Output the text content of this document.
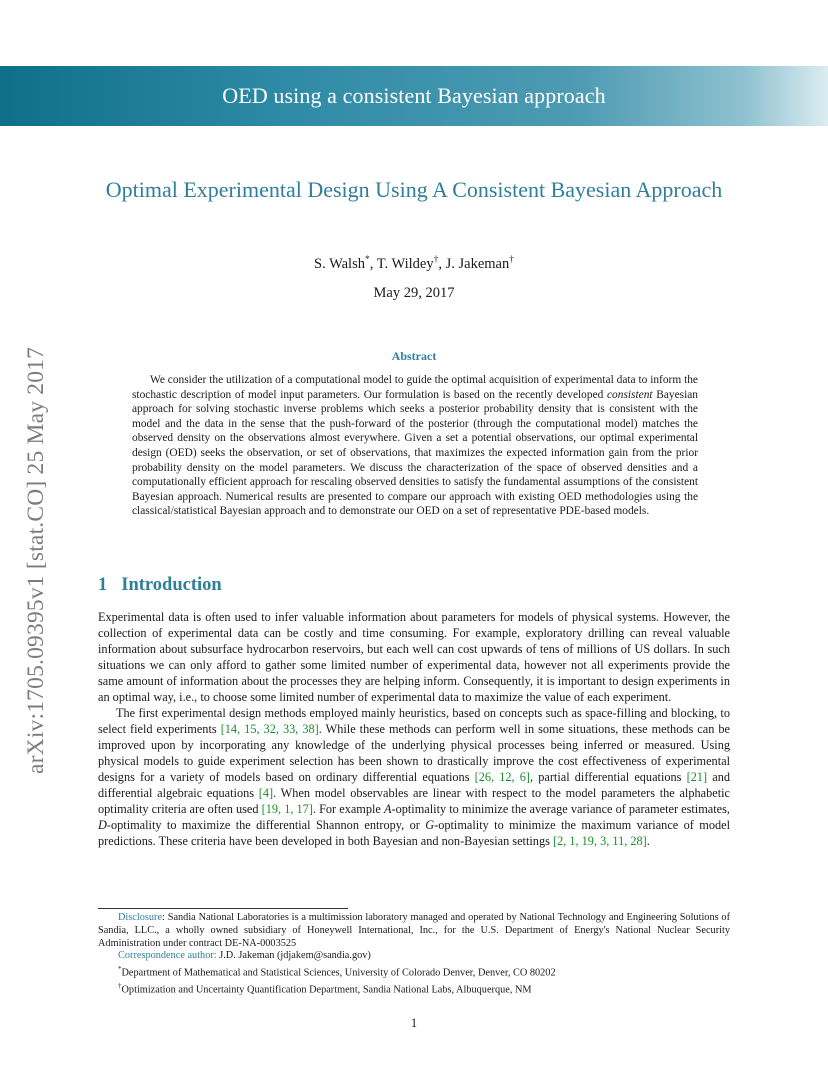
OED using a consistent Bayesian approach
arXiv:1705.09395v1 [stat.CO] 25 May 2017
Optimal Experimental Design Using A Consistent Bayesian Approach
S. Walsh*, T. Wildey†, J. Jakeman†
May 29, 2017
Abstract

We consider the utilization of a computational model to guide the optimal acquisition of experimental data to inform the stochastic description of model input parameters. Our formulation is based on the recently developed consistent Bayesian approach for solving stochastic inverse problems which seeks a posterior probability density that is consistent with the model and the data in the sense that the push-forward of the posterior (through the computational model) matches the observed density on the observations almost everywhere. Given a set a potential observations, our optimal experimental design (OED) seeks the observation, or set of observations, that maximizes the expected information gain from the prior probability density on the model parameters. We discuss the characterization of the space of observed densities and a computationally efficient approach for rescaling observed densities to satisfy the fundamental assumptions of the consistent Bayesian approach. Numerical results are presented to compare our approach with existing OED methodologies using the classical/statistical Bayesian approach and to demonstrate our OED on a set of representative PDE-based models.

1 Introduction

Experimental data is often used to infer valuable information about parameters for models of physical systems. However, the collection of experimental data can be costly and time consuming. For example, exploratory drilling can reveal valuable information about subsurface hydrocarbon reservoirs, but each well can cost upwards of tens of millions of US dollars. In such situations we can only afford to gather some limited number of experimental data, however not all experiments provide the same amount of information about the processes they are helping inform. Consequently, it is important to design experiments in an optimal way, i.e., to choose some limited number of experimental data to maximize the value of each experiment.

The first experimental design methods employed mainly heuristics, based on concepts such as space-filling and blocking, to select field experiments [14, 15, 32, 33, 38]. While these methods can perform well in some situations, these methods can be improved upon by incorporating any knowledge of the underlying physical processes being inferred or measured. Using physical models to guide experiment selection has been shown to drastically improve the cost effectiveness of experimental designs for a variety of models based on ordinary differential equations [26, 12, 6], partial differential equations [21] and differential algebraic equations [4]. When model observables are linear with respect to the model parameters the alphabetic optimality criteria are often used [19, 1, 17]. For example A-optimality to minimize the average variance of parameter estimates, D-optimality to maximize the differential Shannon entropy, or G-optimality to minimize the maximum variance of model predictions. These criteria have been developed in both Bayesian and non-Bayesian settings [2, 1, 19, 3, 11, 28].

Disclosure: Sandia National Laboratories is a multimission laboratory managed and operated by National Technology and Engineering Solutions of Sandia, LLC., a wholly owned subsidiary of Honeywell International, Inc., for the U.S. Department of Energy's National Nuclear Security Administration under contract DE-NA-0003525

Correspondence author: J.D. Jakeman (jdjakem@sandia.gov)

*Department of Mathematical and Statistical Sciences, University of Colorado Denver, Denver, CO 80202

†Optimization and Uncertainty Quantification Department, Sandia National Labs, Albuquerque, NM

1
